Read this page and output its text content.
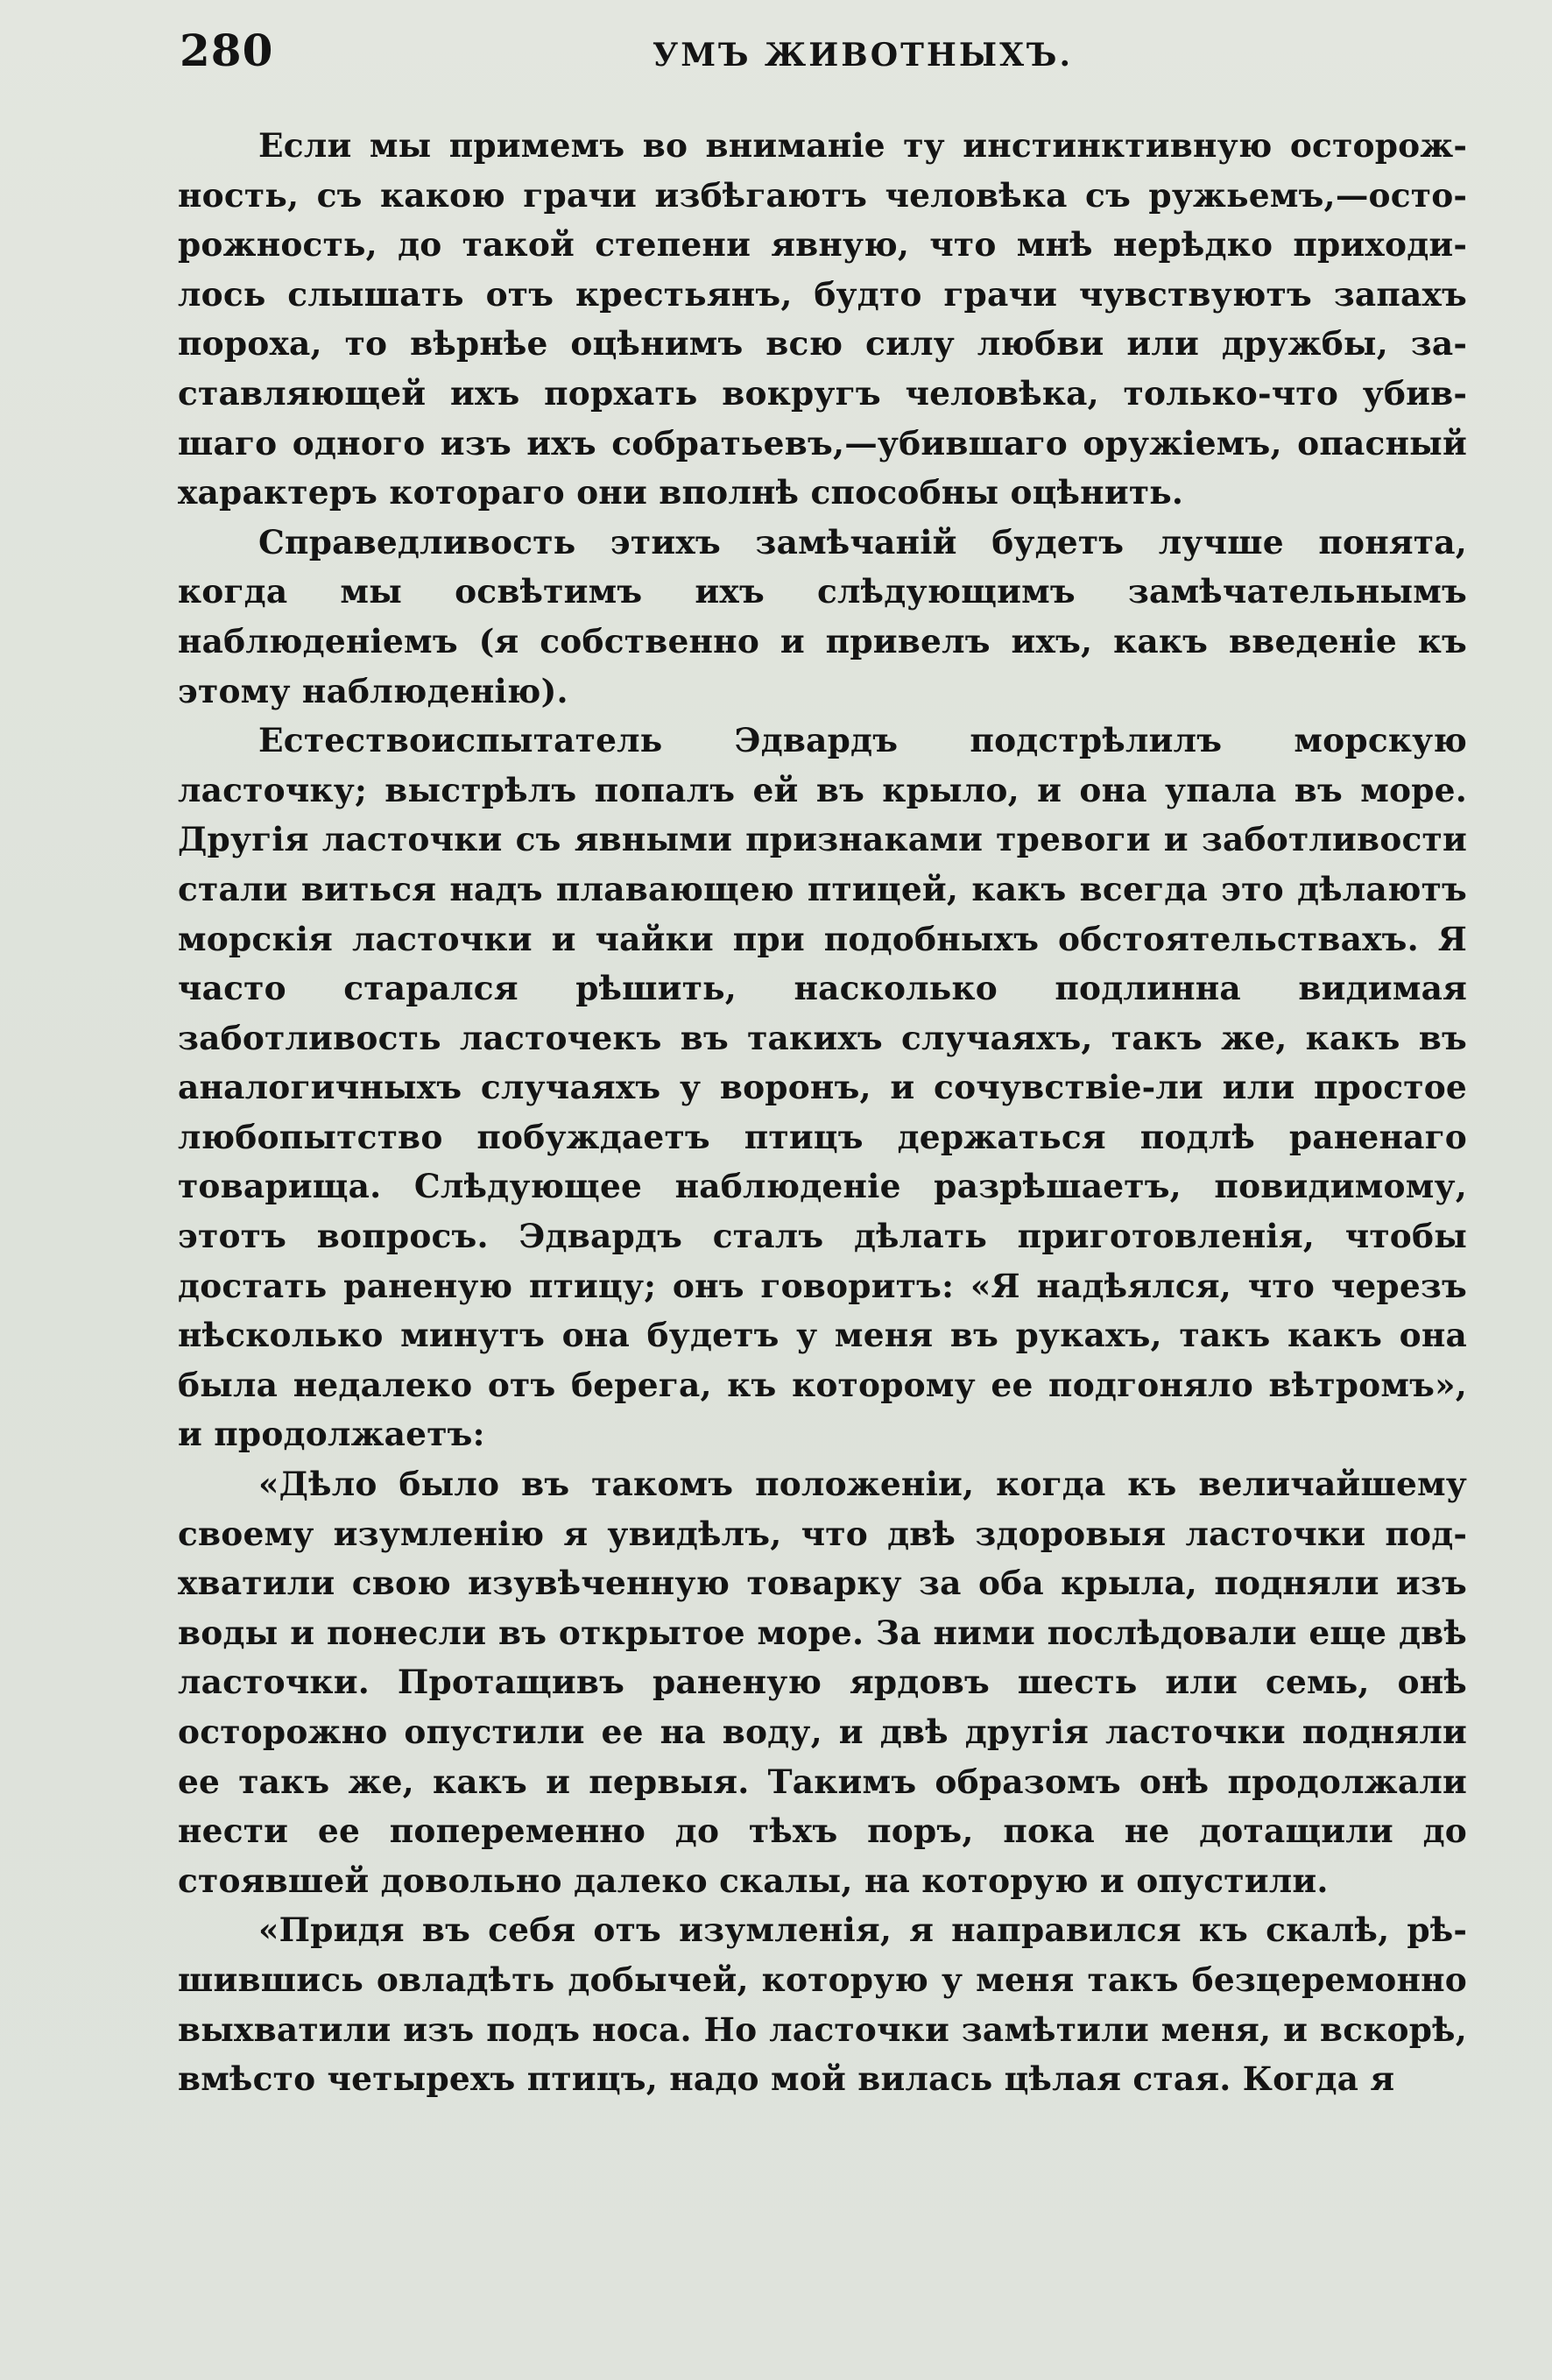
280	УМЪ ЖИВОТНЫХЪ.

Если мы примемъ во вниманіе ту инстинктивную осторожность, съ какою грачи избѣгаютъ человѣка съ ружьемъ,—осторожность, до такой степени явную, что мнѣ нерѣдко приходилось слышать отъ крестьянъ, будто грачи чувствуютъ запахъ пороха, то вѣрнѣе оцѣнимъ всю силу любви или дружбы, заставляющей ихъ порхать вокругъ человѣка, только-что убившаго одного изъ ихъ собратьевъ,—убившаго оружіемъ, опасный характеръ котораго они вполнѣ способны оцѣнить.

Справедливость этихъ замѣчаній будетъ лучше понята, когда мы освѣтимъ ихъ слѣдующимъ замѣчательнымъ наблюденіемъ (я собственно и привелъ ихъ, какъ введеніе къ этому наблюденію).

Естествоиспытатель Эдвардъ подстрѣлилъ морскую ласточку; выстрѣлъ попалъ ей въ крыло, и она упала въ море. Другія ласточки съ явными признаками тревоги и заботливости стали виться надъ плавающею птицей, какъ всегда это дѣлаютъ морскія ласточки и чайки при подобныхъ обстоятельствахъ. Я часто старался рѣшить, насколько подлинна видимая заботливость ласточекъ въ такихъ случаяхъ, такъ же, какъ въ аналогичныхъ случаяхъ у воронъ, и сочувствіе-ли или простое любопытство побуждаетъ птицъ держаться подлѣ раненаго товарища. Слѣдующее наблюденіе разрѣшаетъ, повидимому, этотъ вопросъ. Эдвардъ сталъ дѣлать приготовленія, чтобы достать раненую птицу; онъ говоритъ: «Я надѣялся, что черезъ нѣсколько минутъ она будетъ у меня въ рукахъ, такъ какъ она была недалеко отъ берега, къ которому ее подгоняло вѣтромъ», и продолжаетъ:

«Дѣло было въ такомъ положеніи, когда къ величайшему своему изумленію я увидѣлъ, что двѣ здоровыя ласточки подхватили свою изувѣченную товарку за оба крыла, подняли изъ воды и понесли въ открытое море. За ними послѣдовали еще двѣ ласточки. Протащивъ раненую ярдовъ шесть или семь, онѣ осторожно опустили ее на воду, и двѣ другія ласточки подняли ее такъ же, какъ и первыя. Такимъ образомъ онѣ продолжали нести ее попеременно до тѣхъ поръ, пока не дотащили до стоявшей довольно далеко скалы, на которую и опустили.

«Придя въ себя отъ изумленія, я направился къ скалѣ, рѣшившись овладѣть добычей, которую у меня такъ безцеремонно выхватили изъ подъ носа. Но ласточки замѣтили меня, и вскорѣ, вмѣсто четырехъ птицъ, надо мой вилась цѣлая стая. Когда я
